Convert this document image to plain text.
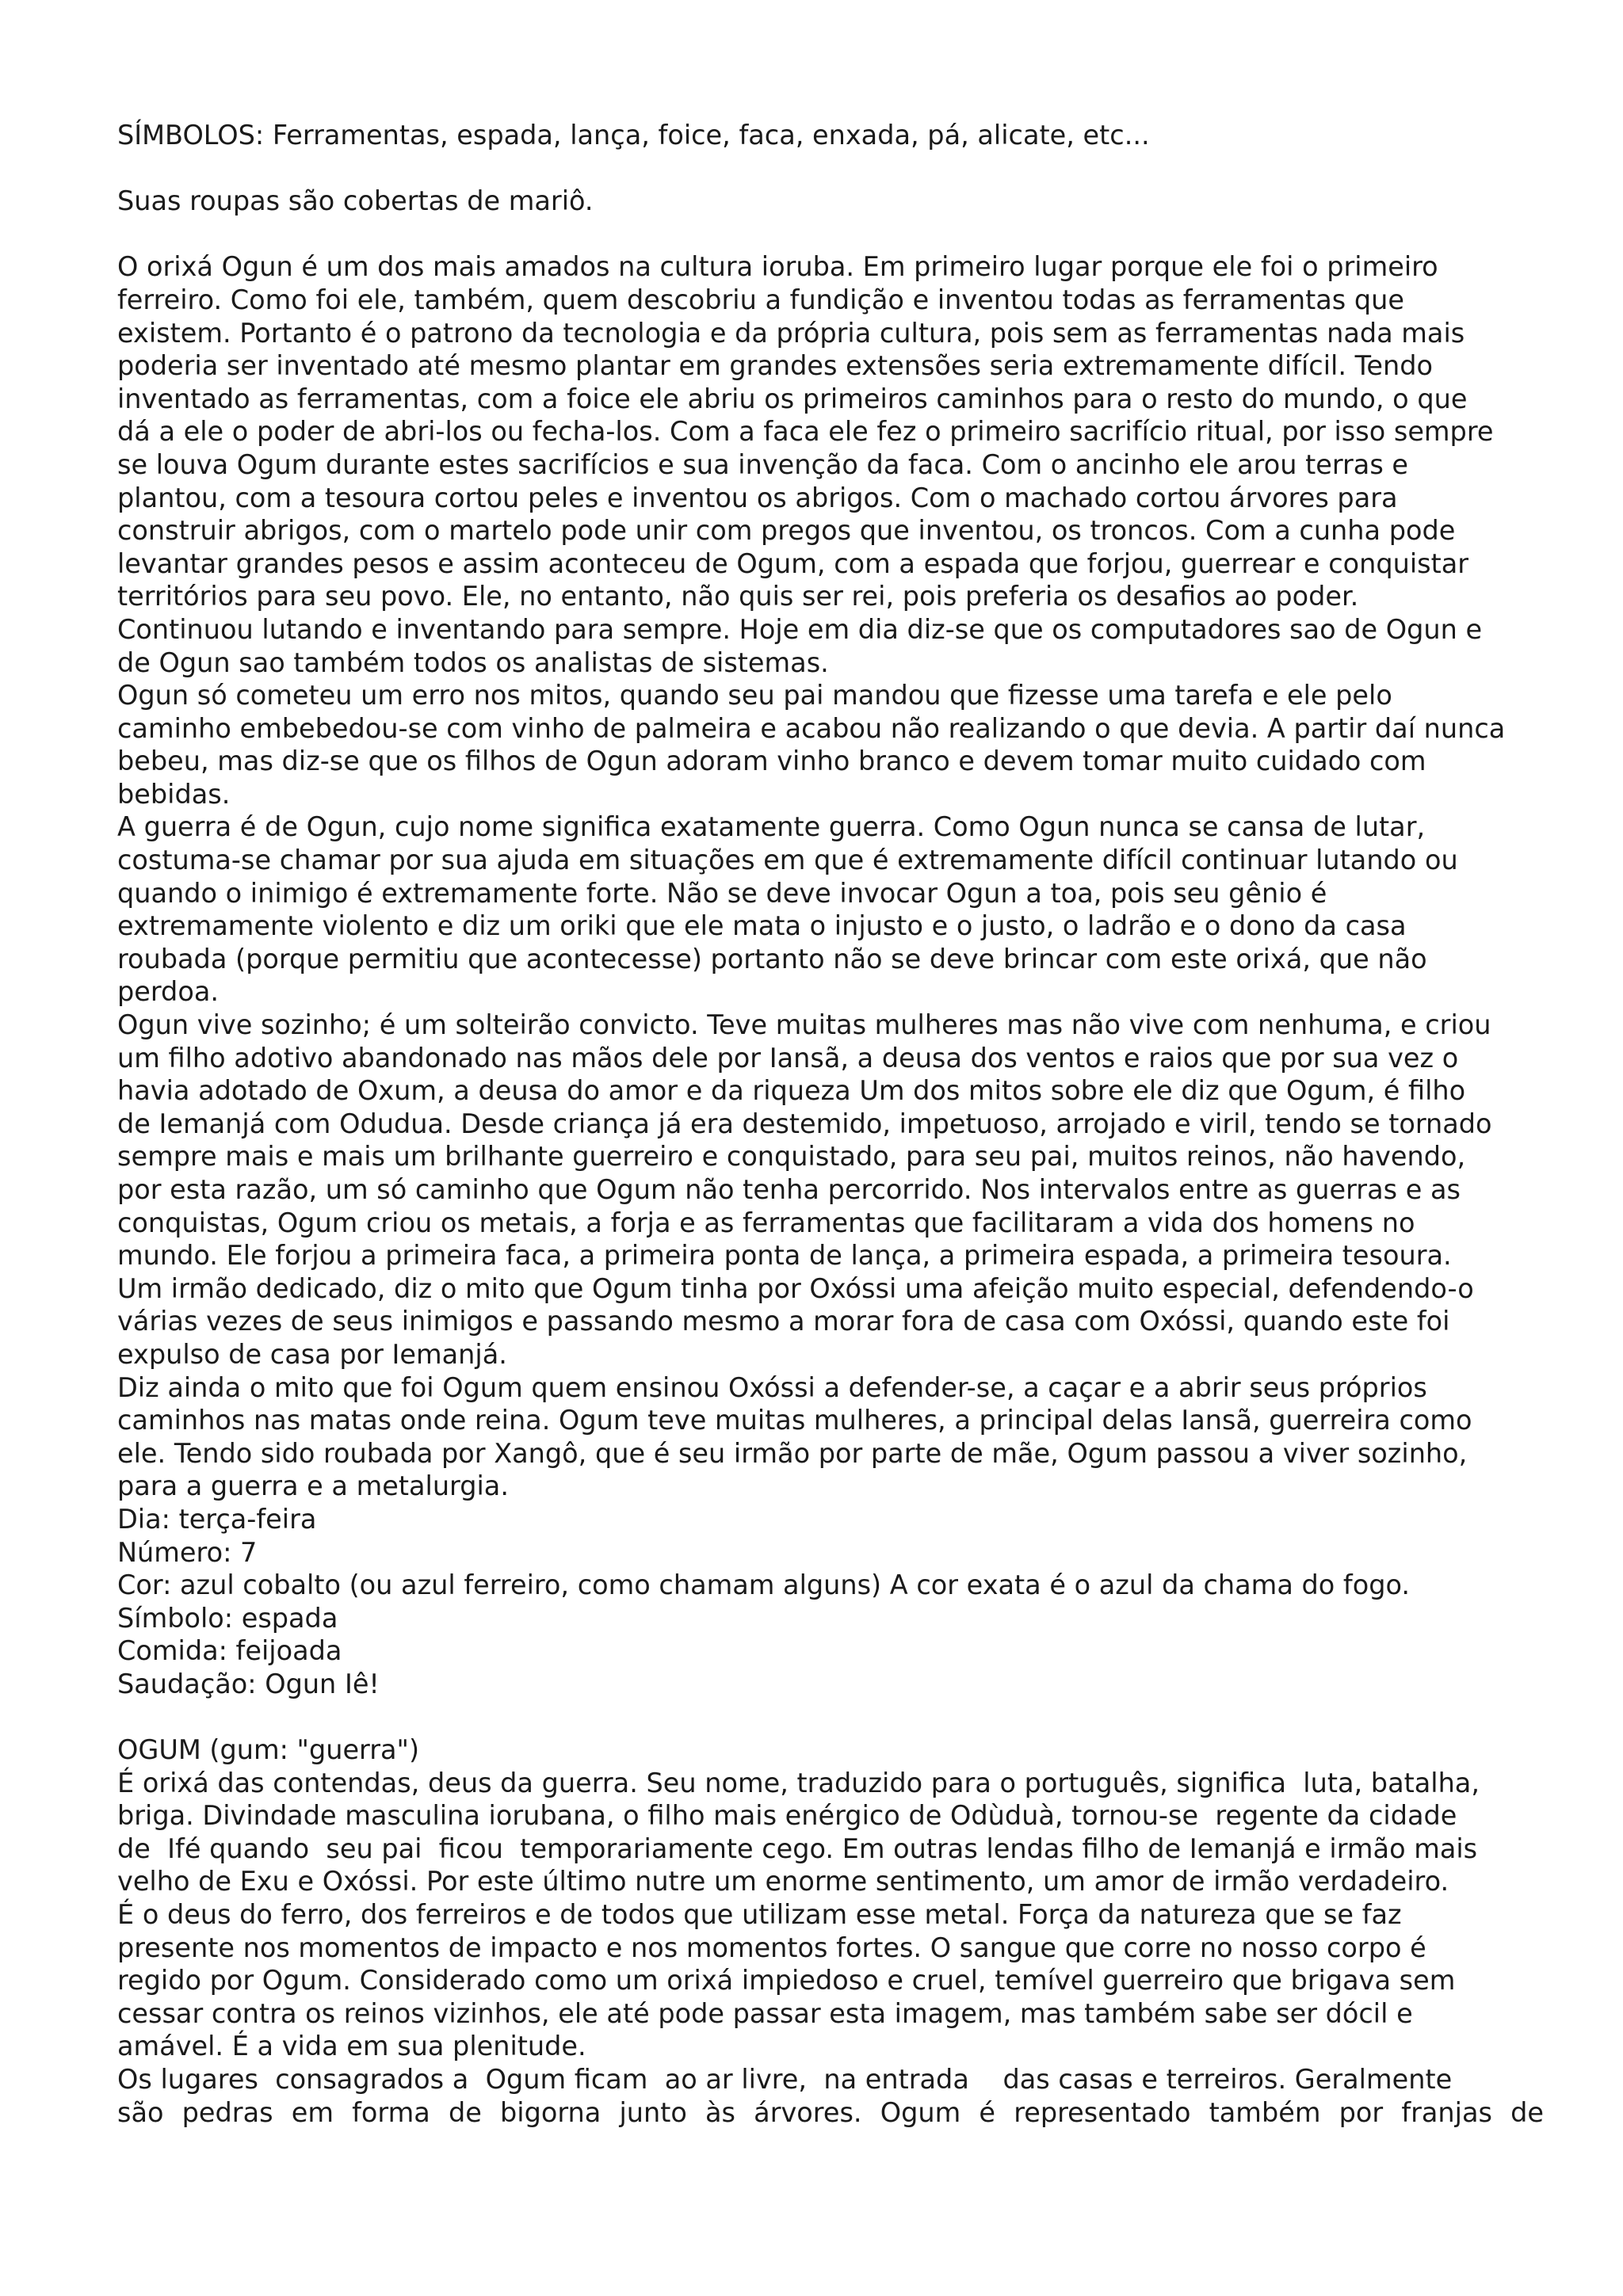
SÍMBOLOS: Ferramentas, espada, lança, foice, faca, enxada, pá, alicate, etc...

Suas roupas são cobertas de mariô.

O orixá Ogun é um dos mais amados na cultura ioruba. Em primeiro lugar porque ele foi o primeiro
ferreiro. Como foi ele, também, quem descobriu a fundição e inventou todas as ferramentas que
existem. Portanto é o patrono da tecnologia e da própria cultura, pois sem as ferramentas nada mais
poderia ser inventado até mesmo plantar em grandes extensões seria extremamente difícil. Tendo
inventado as ferramentas, com a foice ele abriu os primeiros caminhos para o resto do mundo, o que
dá a ele o poder de abri-los ou fecha-los. Com a faca ele fez o primeiro sacrifício ritual, por isso sempre
se louva Ogum durante estes sacrifícios e sua invenção da faca. Com o ancinho ele arou terras e
plantou, com a tesoura cortou peles e inventou os abrigos. Com o machado cortou árvores para
construir abrigos, com o martelo pode unir com pregos que inventou, os troncos. Com a cunha pode
levantar grandes pesos e assim aconteceu de Ogum, com a espada que forjou, guerrear e conquistar
territórios para seu povo. Ele, no entanto, não quis ser rei, pois preferia os desafios ao poder.
Continuou lutando e inventando para sempre. Hoje em dia diz-se que os computadores sao de Ogun e
de Ogun sao também todos os analistas de sistemas.

Ogun só cometeu um erro nos mitos, quando seu pai mandou que fizesse uma tarefa e ele pelo
caminho embebedou-se com vinho de palmeira e acabou não realizando o que devia. A partir daí nunca
bebeu, mas diz-se que os filhos de Ogun adoram vinho branco e devem tomar muito cuidado com
bebidas.

A guerra é de Ogun, cujo nome significa exatamente guerra. Como Ogun nunca se cansa de lutar,
costuma-se chamar por sua ajuda em situações em que é extremamente difícil continuar lutando ou
quando o inimigo é extremamente forte. Não se deve invocar Ogun a toa, pois seu gênio é
extremamente violento e diz um oriki que ele mata o injusto e o justo, o ladrão e o dono da casa
roubada (porque permitiu que acontecesse) portanto não se deve brincar com este orixá, que não
perdoa.

Ogun vive sozinho; é um solteirão convicto. Teve muitas mulheres mas não vive com nenhuma, e criou
um filho adotivo abandonado nas mãos dele por Iansã, a deusa dos ventos e raios que por sua vez o
havia adotado de Oxum, a deusa do amor e da riqueza Um dos mitos sobre ele diz que Ogum, é filho
de Iemanjá com Odudua. Desde criança já era destemido, impetuoso, arrojado e viril, tendo se tornado
sempre mais e mais um brilhante guerreiro e conquistado, para seu pai, muitos reinos, não havendo,
por esta razão, um só caminho que Ogum não tenha percorrido. Nos intervalos entre as guerras e as
conquistas, Ogum criou os metais, a forja e as ferramentas que facilitaram a vida dos homens no
mundo. Ele forjou a primeira faca, a primeira ponta de lança, a primeira espada, a primeira tesoura.
Um irmão dedicado, diz o mito que Ogum tinha por Oxóssi uma afeição muito especial, defendendo-o
várias vezes de seus inimigos e passando mesmo a morar fora de casa com Oxóssi, quando este foi
expulso de casa por Iemanjá.

Diz ainda o mito que foi Ogum quem ensinou Oxóssi a defender-se, a caçar e a abrir seus próprios
caminhos nas matas onde reina. Ogum teve muitas mulheres, a principal delas Iansã, guerreira como
ele. Tendo sido roubada por Xangô, que é seu irmão por parte de mãe, Ogum passou a viver sozinho,
para a guerra e a metalurgia.

Dia: terça-feira

Número: 7

Cor: azul cobalto (ou azul ferreiro, como chamam alguns) A cor exata é o azul da chama do fogo.

Símbolo: espada

Comida: feijoada

Saudação: Ogun Iê!

OGUM (gum: "guerra")

É orixá das contendas, deus da guerra. Seu nome, traduzido para o português, significa  luta, batalha,
briga. Divindade masculina iorubana, o filho mais enérgico de Odùduà, tornou-se  regente da cidade
de  Ifé quando  seu pai  ficou  temporariamente cego. Em outras lendas filho de Iemanjá e irmão mais
velho de Exu e Oxóssi. Por este último nutre um enorme sentimento, um amor de irmão verdadeiro.

É o deus do ferro, dos ferreiros e de todos que utilizam esse metal. Força da natureza que se faz
presente nos momentos de impacto e nos momentos fortes. O sangue que corre no nosso corpo é
regido por Ogum. Considerado como um orixá impiedoso e cruel, temível guerreiro que brigava sem
cessar contra os reinos vizinhos, ele até pode passar esta imagem, mas também sabe ser dócil e
amável. É a vida em sua plenitude.

Os lugares  consagrados a  Ogum ficam  ao ar livre,  na entrada    das casas e terreiros. Geralmente

são pedras em forma de bigorna junto às árvores. Ogum é representado também por franjas de
